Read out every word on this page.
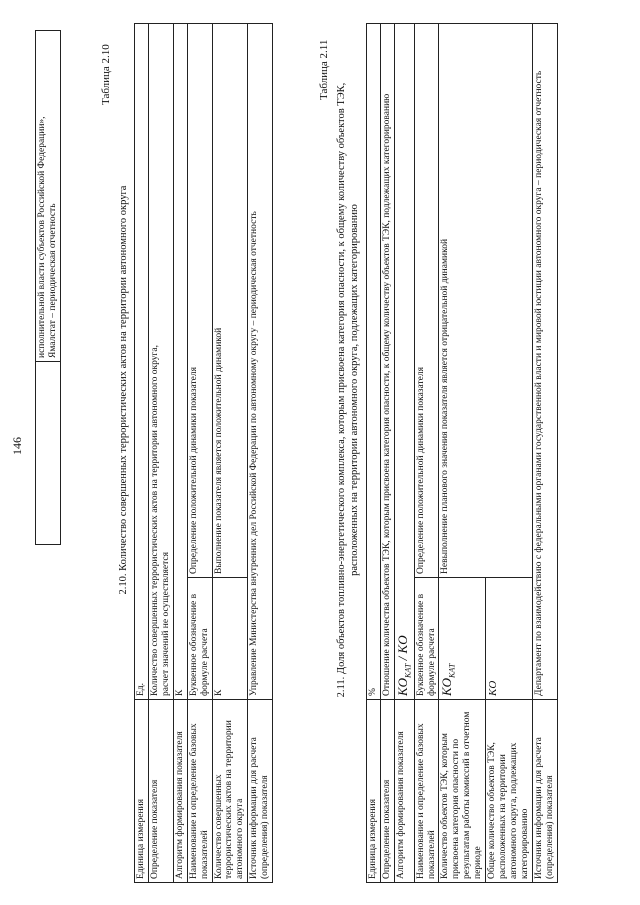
146

исполнительной власти субъектов Российской Федерации», Ямалстат – периодическая отчетность
Таблица 2.10
2.10. Количество совершенных террористических актов на территории автономного округа
Единица измерения	Ед.	
Определение показателя	Количество совершенных террористических актов на территории автономного округа,
расчет значений не осуществляется	
Алгоритм формирования показателя	К	
Наименование и определение базовых показателей	Буквенное обозначение в формуле расчета	Определение положительной динамики показателя
Количество совершенных террористических актов на территории автономного округа	К	Выполнение показателя является положительной динамикой
Источник информации для расчета (определения) показателя	Управление Министерства внутренних дел Российской Федерации по автономному округу – периодическая отчетность	
Таблица 2.11
2.11. Доля объектов топливно-энергетического комплекса, которым присвоена категория опасности, к общему количеству объектов ТЭК, расположенных на территории автономного округа, подлежащих категорированию
Единица измерения	%	
Определение показателя	Отношение количества объектов ТЭК, которым присвоена категория опасности, к общему количеству объектов ТЭК, подлежащих категорированию	
Алгоритм формирования показателя	$KO_{КАТ}$ / KO	
Наименование и определение базовых показателей	Буквенное обозначение в формуле расчета	Определение положительной динамики показателя
Количество объектов ТЭК, которым присвоена категория опасности по результатам работы комиссий в отчетном периоде	$KO_{КАТ}$	Невыполнение планового значения показателя является отрицательной динамикой
Общее количество объектов ТЭК, расположенных на территории автономного округа, подлежащих категорированию	KO	
Источник информации для расчета (определения) показателя	Департамент по взаимодействию с федеральными органами государственной власти и мировой юстиции автономного округа – периодическая отчетность	
